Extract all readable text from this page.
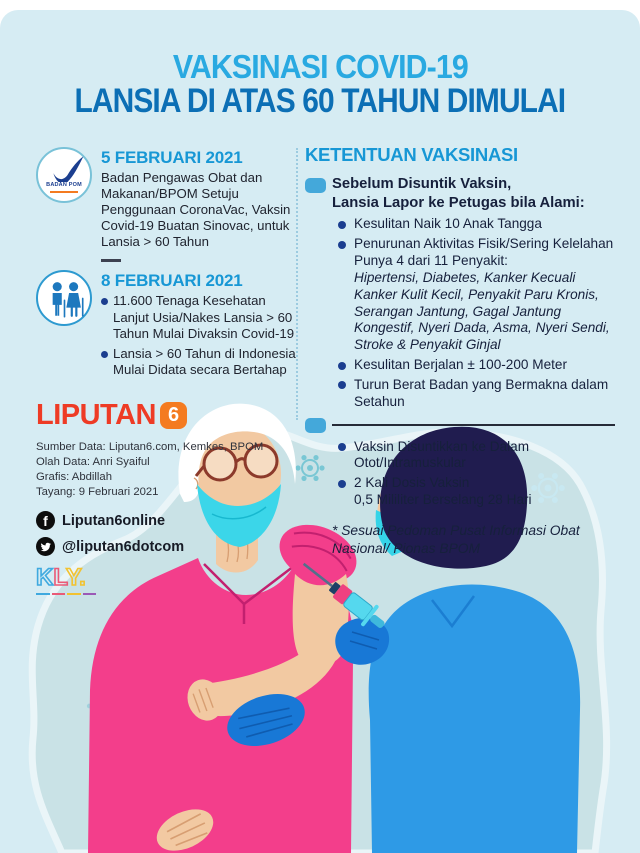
VAKSINASI COVID-19
LANSIA DI ATAS 60 TAHUN DIMULAI
BADAN POM
5 FEBRUARI 2021
Badan Pengawas Obat dan Makanan/BPOM Setuju Penggunaan CoronaVac, Vaksin Covid-19 Buatan Sinovac, untuk Lansia > 60 Tahun
8 FEBRUARI 2021
11.600 Tenaga Kesehatan Lanjut Usia/Nakes Lansia > 60 Tahun Mulai Divaksin Covid-19
Lansia > 60 Tahun di Indonesia Mulai Didata secara Bertahap
LIPUTAN 6
Sumber Data: Liputan6.com, Kemkes, BPOM
Olah Data: Anri Syaiful
Grafis: Abdillah
Tayang: 9 Februari 2021
f Liputan6online
@liputan6dotcom
KLY.
KETENTUAN VAKSINASI
Sebelum Disuntik Vaksin,
Lansia Lapor ke Petugas bila Alami:
Kesulitan Naik 10 Anak Tangga
Penurunan Aktivitas Fisik/Sering Kelelahan
Punya 4 dari 11 Penyakit:
Hipertensi, Diabetes, Kanker Kecuali Kanker Kulit Kecil, Penyakit Paru Kronis, Serangan Jantung, Gagal Jantung Kongestif, Nyeri Dada, Asma, Nyeri Sendi, Stroke & Penyakit Ginjal
Kesulitan Berjalan ± 100-200 Meter
Turun Berat Badan yang Bermakna dalam Setahun
Vaksin Disuntikkan ke Dalam Otot/Intramuskular
2 Kali Dosis Vaksin
0,5 Mililiter Berselang 28 Hari
* Sesuai Pedoman Pusat Informasi Obat Nasional/ Pionas BPOM
